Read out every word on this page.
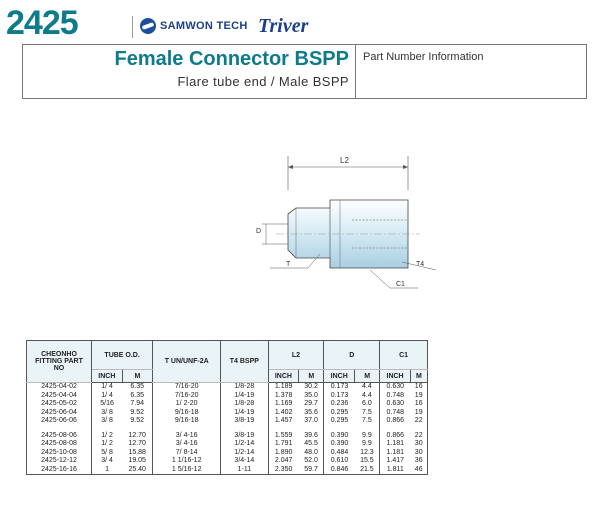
2425	SAMWON TECH Triver
Female Connector BSPP
Flare tube end / Male BSPP
Part Number Information
L2
D
T	T4
C1
CHEONHO FITTING PART NO	TUBE O.D.		T UN/UNF-2A	T4 BSPP	L2		D		C1	
	INCH	M			INCH	M	INCH	M	INCH	M
2425-04-02	1/ 4	6.35	7/16-20	1/8-28	1.189	30.2	0.173	4.4	0.630	16
2425-04-04	1/ 4	6.35	7/16-20	1/4-19	1.378	35.0	0.173	4.4	0.748	19
2425-05-02	5/16	7.94	1/ 2-20	1/8-28	1.169	29.7	0.236	6.0	0.630	16
2425-06-04	3/ 8	9.52	9/16-18	1/4-19	1.402	35.6	0.295	7.5	0.748	19
2425-06-06	3/ 8	9.52	9/16-18	3/8-19	1.457	37.0	0.295	7.5	0.866	22

2425-08-06	1/ 2	12.70	3/ 4-16	3/8-19	1.559	39.6	0.390	9.9	0.866	22
2425-08-08	1/ 2	12.70	3/ 4-16	1/2-14	1.791	45.5	0.390	9.9	1.181	30
2425-10-08	5/ 8	15.88	7/ 8-14	1/2-14	1.890	48.0	0.484	12.3	1.181	30
2425-12-12	3/ 4	19.05	1 1/16-12	3/4-14	2.047	52.0	0.610	15.5	1.417	36
2425-16-16	1	25.40	1 5/16-12	1-11	2.350	59.7	0.846	21.5	1.811	46
